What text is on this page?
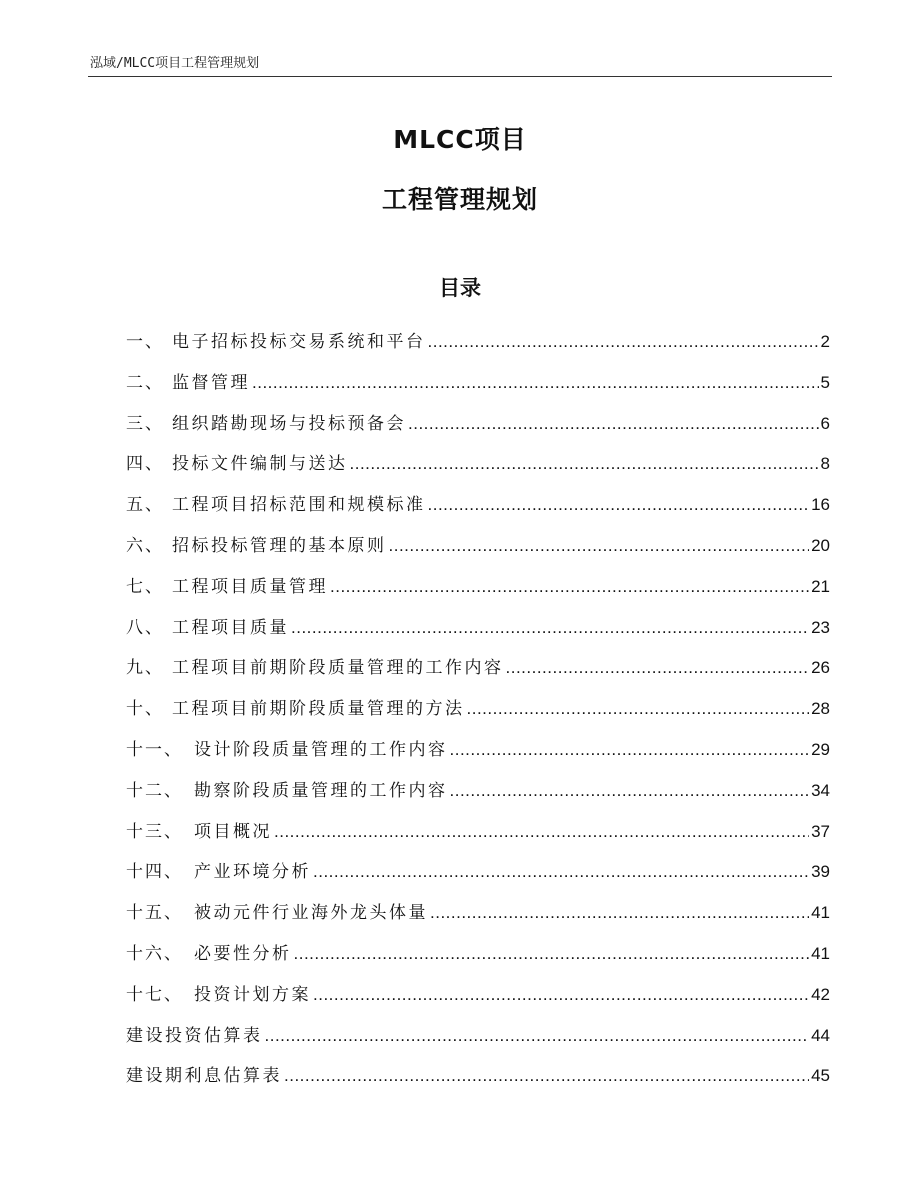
泓域/MLCC项目工程管理规划
MLCC项目
工程管理规划
目录
一、 电子招标投标交易系统和平台 .....	2
二、 监督管理 .....	5
三、 组织踏勘现场与投标预备会 .....	6
四、 投标文件编制与送达 .....	8
五、 工程项目招标范围和规模标准 .....	16
六、 招标投标管理的基本原则 .....	20
七、 工程项目质量管理 .....	21
八、 工程项目质量 .....	23
九、 工程项目前期阶段质量管理的工作内容 .....	26
十、 工程项目前期阶段质量管理的方法 .....	28
十一、 设计阶段质量管理的工作内容 .....	29
十二、 勘察阶段质量管理的工作内容 .....	34
十三、 项目概况 .....	37
十四、 产业环境分析 .....	39
十五、 被动元件行业海外龙头体量 .....	41
十六、 必要性分析 .....	41
十七、 投资计划方案 .....	42
建设投资估算表 .....	44
建设期利息估算表 .....	45
